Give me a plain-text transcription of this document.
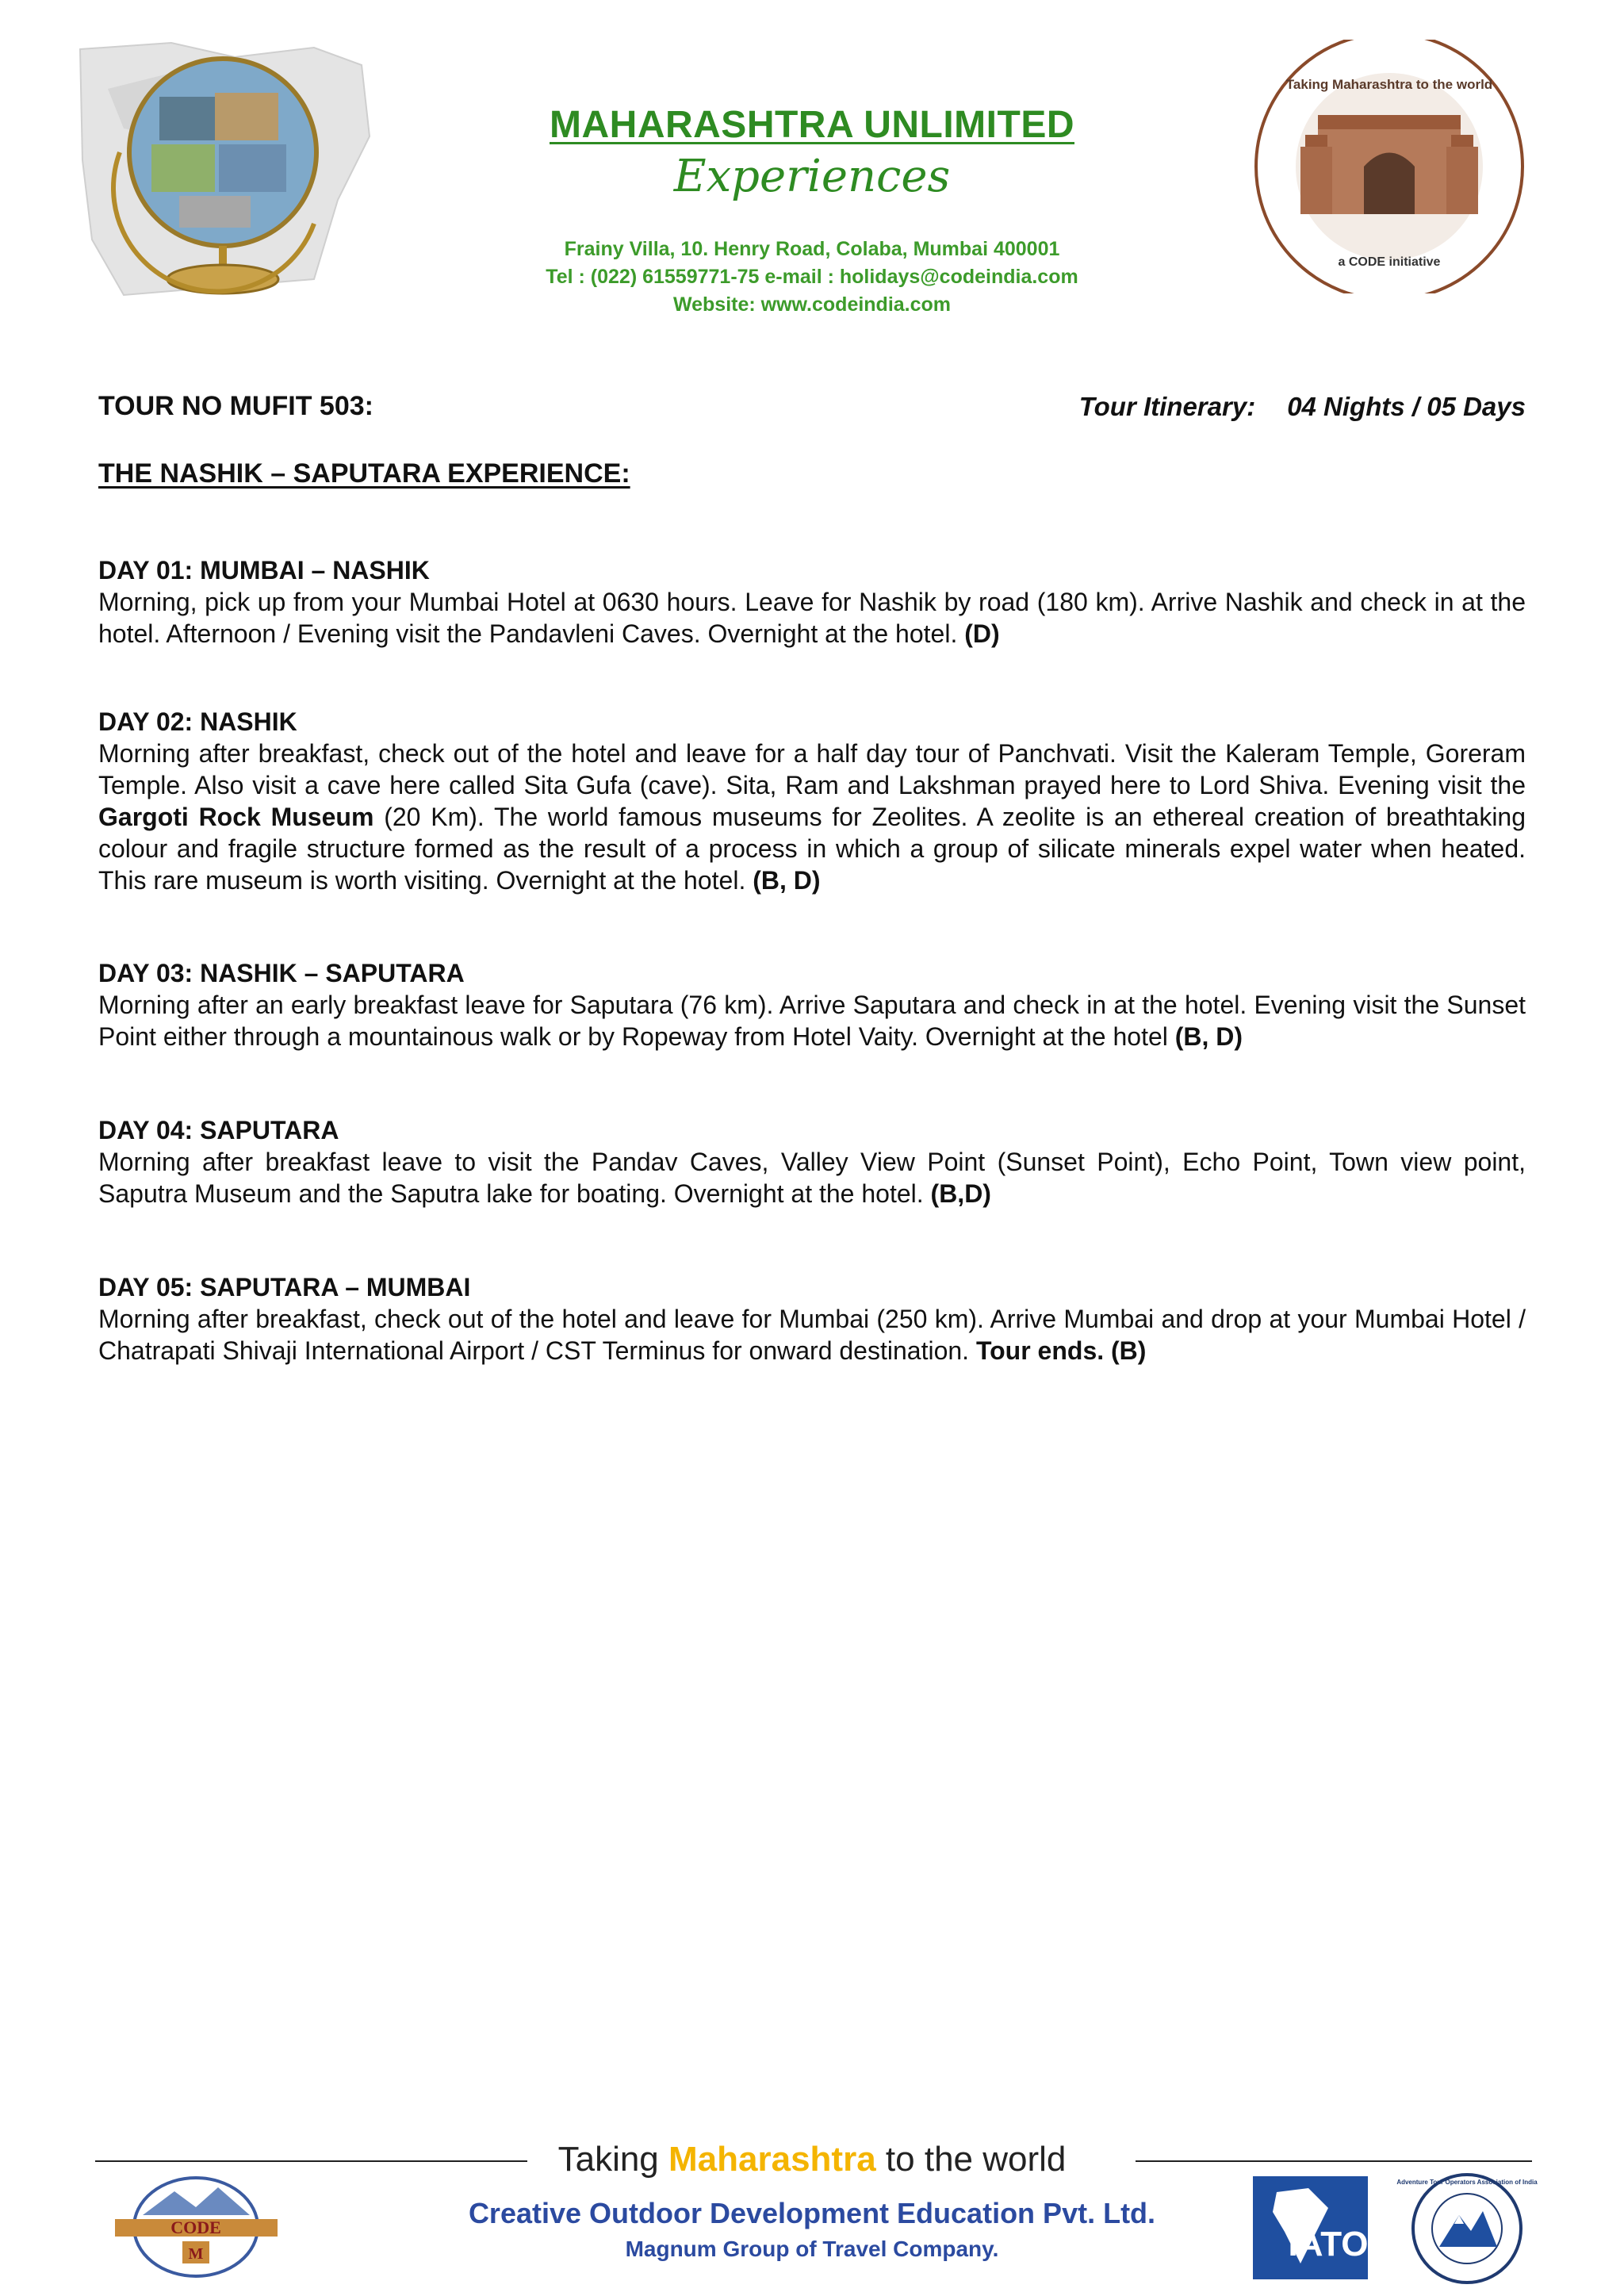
MAHARASHTRA UNLIMITED
Experiences
Frainy Villa, 10. Henry Road, Colaba, Mumbai 400001
Tel : (022) 61559771-75 e-mail : holidays@codeindia.com
Website: www.codeindia.com
Taking Maharashtra to the world
a CODE initiative
TOUR NO MUFIT 503:	Tour Itinerary: 04 Nights / 05 Days
THE NASHIK – SAPUTARA EXPERIENCE:
DAY 01: MUMBAI – NASHIK

Morning, pick up from your Mumbai Hotel at 0630 hours. Leave for Nashik by road (180 km). Arrive Nashik and check in at the hotel. Afternoon / Evening visit the Pandavleni Caves. Overnight at the hotel. (D)

DAY 02: NASHIK

Morning after breakfast, check out of the hotel and leave for a half day tour of Panchvati. Visit the Kaleram Temple, Goreram Temple. Also visit a cave here called Sita Gufa (cave). Sita, Ram and Lakshman prayed here to Lord Shiva. Evening visit the Gargoti Rock Museum (20 Km). The world famous museums for Zeolites. A zeolite is an ethereal creation of breathtaking colour and fragile structure formed as the result of a process in which a group of silicate minerals expel water when heated. This rare museum is worth visiting. Overnight at the hotel. (B, D)

DAY 03: NASHIK – SAPUTARA

Morning after an early breakfast leave for Saputara (76 km). Arrive Saputara and check in at the hotel. Evening visit the Sunset Point either through a mountainous walk or by Ropeway from Hotel Vaity. Overnight at the hotel (B, D)

DAY 04: SAPUTARA

Morning after breakfast leave to visit the Pandav Caves, Valley View Point (Sunset Point), Echo Point, Town view point, Saputra Museum and the Saputra lake for boating. Overnight at the hotel. (B,D)

DAY 05: SAPUTARA – MUMBAI

Morning after breakfast, check out of the hotel and leave for Mumbai (250 km). Arrive Mumbai and drop at your Mumbai Hotel / Chatrapati Shivaji International Airport / CST Terminus for onward destination. Tour ends. (B)

Taking Maharashtra to the world
Creative Outdoor Development Education Pvt. Ltd.
Magnum Group of Travel Company.
CODE
M	IATO
Adventure Tour Operators Association of India
